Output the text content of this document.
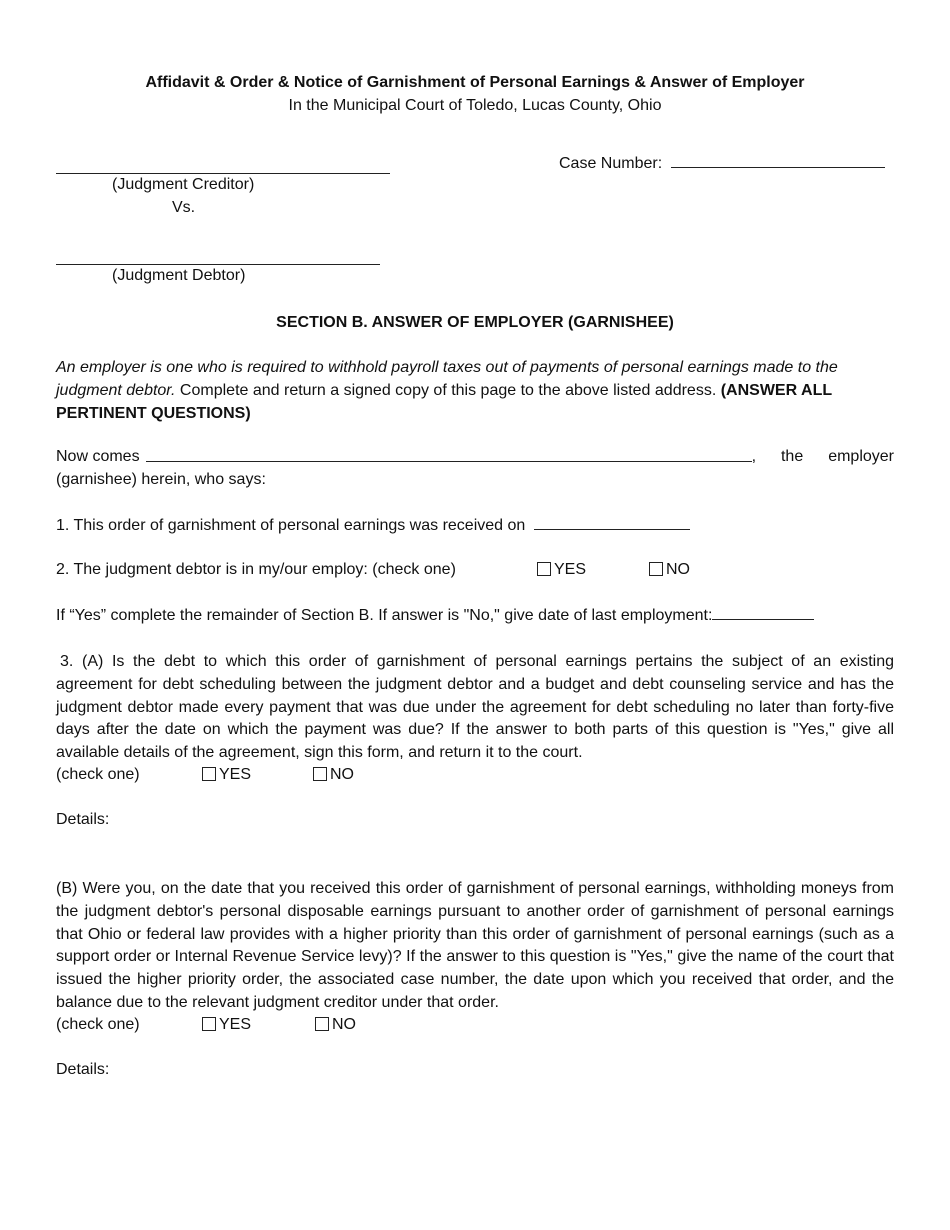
Affidavit & Order & Notice of Garnishment of Personal Earnings & Answer of Employer
In the Municipal Court of Toledo, Lucas County, Ohio
Case Number:
(Judgment Creditor)
Vs.
(Judgment Debtor)
SECTION B. ANSWER OF EMPLOYER (GARNISHEE)
An employer is one who is required to withhold payroll taxes out of payments of personal earnings made to the judgment debtor. Complete and return a signed copy of this page to the above listed address. (ANSWER ALL PERTINENT QUESTIONS)
Now comes	, the employer
(garnishee) herein, who says:
1. This order of garnishment of personal earnings was received on
2. The judgment debtor is in my/our employ: (check one)	YES	NO
If “Yes” complete the remainder of Section B. If answer is "No," give date of last employment:
3. (A) Is the debt to which this order of garnishment of personal earnings pertains the subject of an existing agreement for debt scheduling between the judgment debtor and a budget and debt counseling service and has the judgment debtor made every payment that was due under the agreement for debt scheduling no later than forty-five days after the date on which the payment was due? If the answer to both parts of this question is "Yes," give all available details of the agreement, sign this form, and return it to the court.
(check one)	YES	NO
Details:
(B) Were you, on the date that you received this order of garnishment of personal earnings, withholding moneys from the judgment debtor's personal disposable earnings pursuant to another order of garnishment of personal earnings that Ohio or federal law provides with a higher priority than this order of garnishment of personal earnings (such as a support order or Internal Revenue Service levy)? If the answer to this question is "Yes," give the name of the court that issued the higher priority order, the associated case number, the date upon which you received that order, and the balance due to the relevant judgment creditor under that order.
(check one)	YES	NO
Details:
